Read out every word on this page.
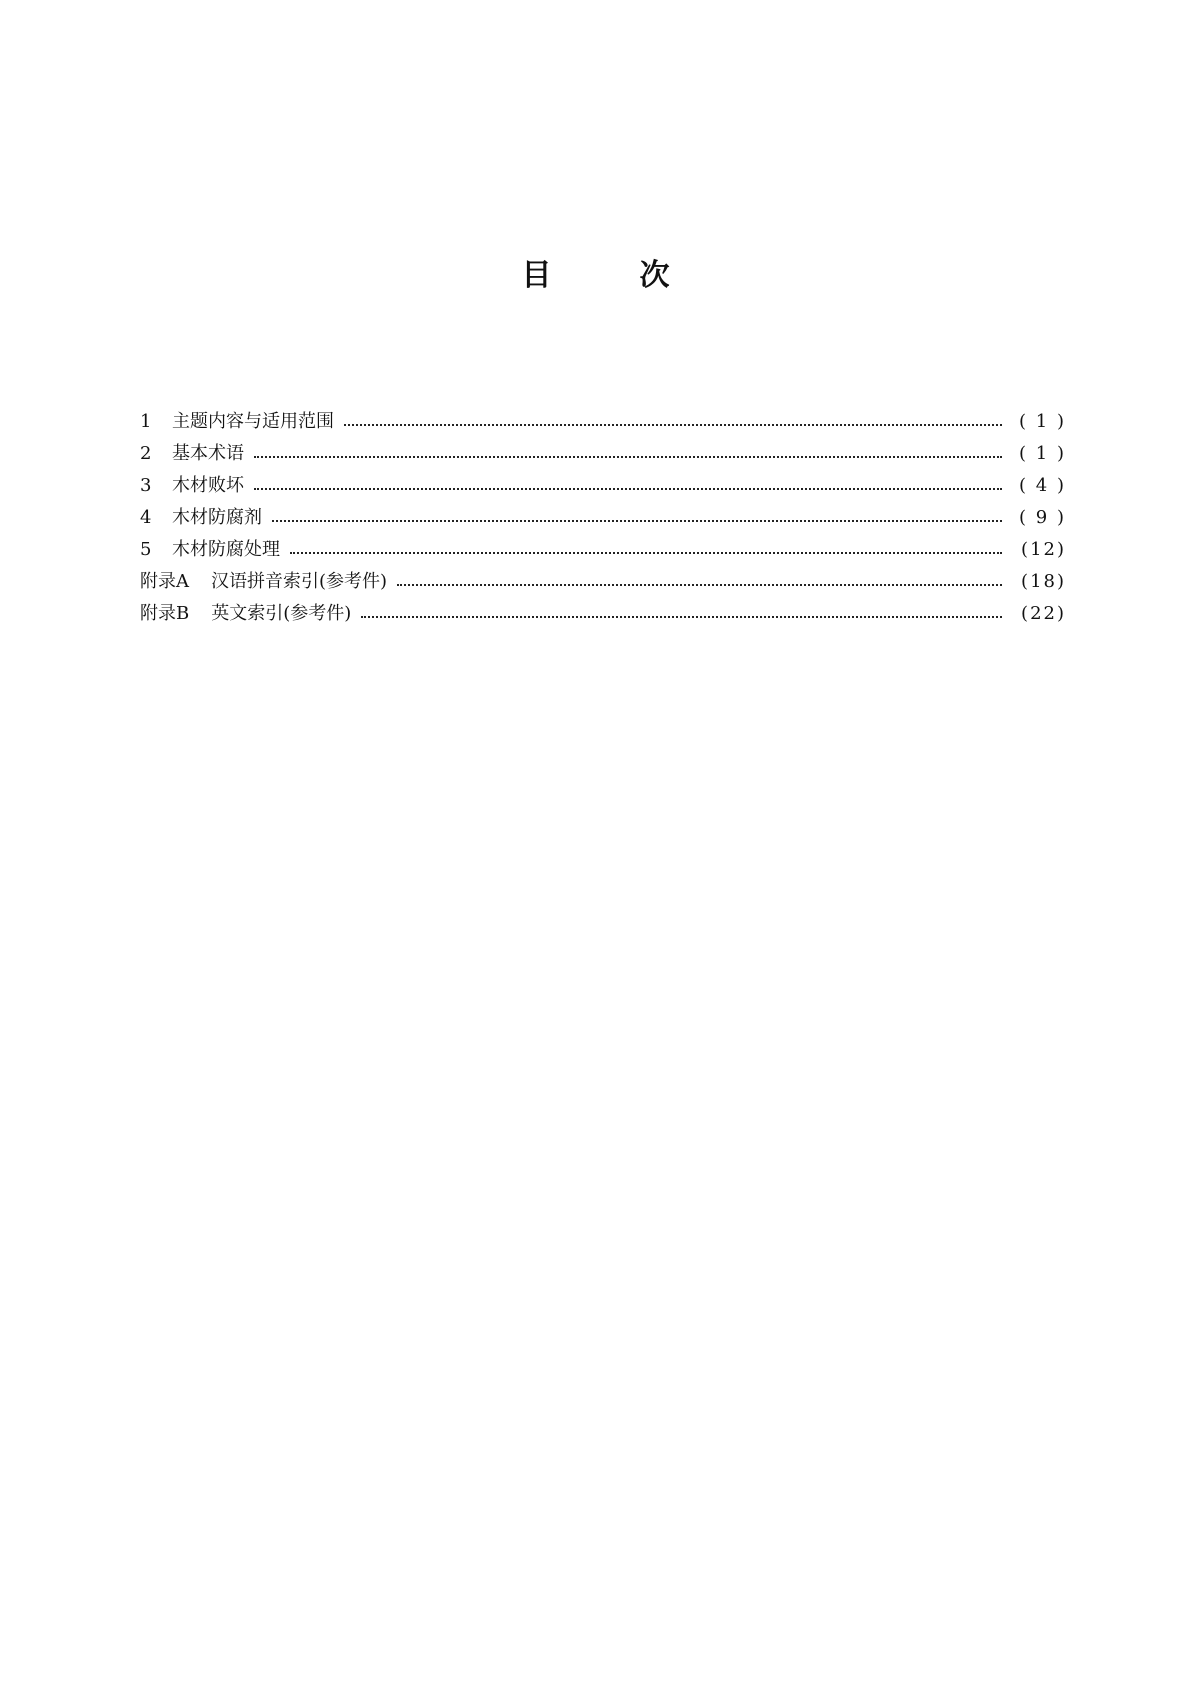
目	次
1	主题内容与适用范围	( 1 )
2	基本术语	( 1 )
3	木材败坏	( 4 )
4	木材防腐剂	( 9 )
5	木材防腐处理	(12)
附录A 汉语拼音索引(参考件)	(18)
附录B 英文索引(参考件)	(22)
